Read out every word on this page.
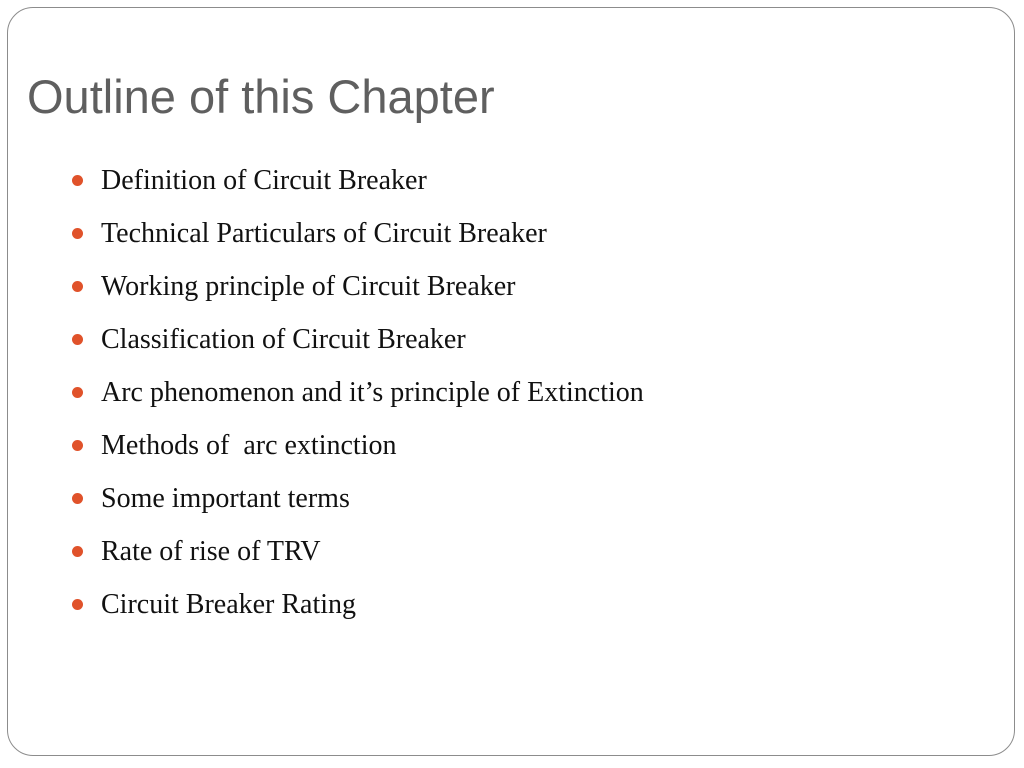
Outline of this Chapter
Definition of Circuit Breaker
Technical Particulars of Circuit Breaker
Working principle of Circuit Breaker
Classification of Circuit Breaker
Arc phenomenon and it’s principle of Extinction
Methods of  arc extinction
Some important terms
Rate of rise of TRV
Circuit Breaker Rating
